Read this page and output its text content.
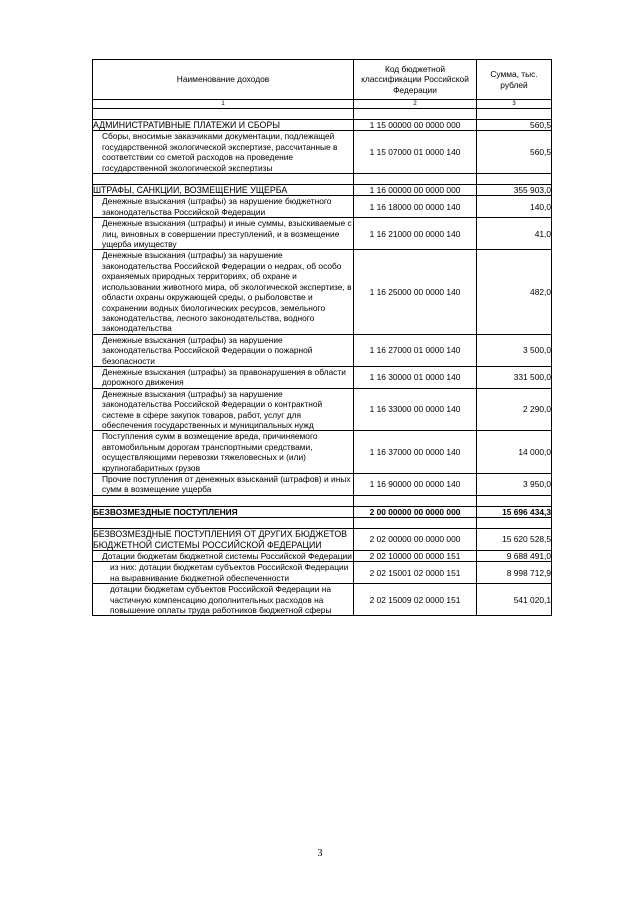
Наименование доходов	Код бюджетной классификации Российской Федерации	Сумма, тыс. рублей
1	2	3

АДМИНИСТРАТИВНЫЕ ПЛАТЕЖИ И СБОРЫ	1 15 00000 00 0000 000	560,5
Сборы, вносимые заказчиками документации, подлежащей государственной экологической экспертизе, рассчитанные в соответствии со сметой расходов на проведение государственной экологической экспертизы	1 15 07000 01 0000 140	560,5

ШТРАФЫ, САНКЦИИ, ВОЗМЕЩЕНИЕ УЩЕРБА	1 16 00000 00 0000 000	355 903,0
Денежные взыскания (штрафы) за нарушение бюджетного законодательства Российской Федерации	1 16 18000 00 0000 140	140,0
Денежные взыскания (штрафы) и иные суммы, взыскиваемые с лиц, виновных в совершении преступлений, и в возмещение ущерба имуществу	1 16 21000 00 0000 140	41,0
Денежные взыскания (штрафы) за нарушение законодательства Российской Федерации о недрах, об особо охраняемых природных территориях, об охране и использовании животного мира, об экологической экспертизе, в области охраны окружающей среды, о рыболовстве и сохранении водных биологических ресурсов, земельного законодательства, лесного законодательства, водного законодательства	1 16 25000 00 0000 140	482,0
Денежные взыскания (штрафы) за нарушение законодательства Российской Федерации о пожарной безопасности	1 16 27000 01 0000 140	3 500,0
Денежные взыскания (штрафы) за правонарушения в области дорожного движения	1 16 30000 01 0000 140	331 500,0
Денежные взыскания (штрафы) за нарушение законодательства Российской Федерации о контрактной системе в сфере закупок товаров, работ, услуг для обеспечения государственных и муниципальных нужд	1 16 33000 00 0000 140	2 290,0
Поступления сумм в возмещение вреда, причиняемого автомобильным дорогам транспортными средствами, осуществляющими перевозки тяжеловесных и (или) крупногабаритных грузов	1 16 37000 00 0000 140	14 000,0
Прочие поступления от денежных взысканий (штрафов) и иных сумм в возмещение ущерба	1 16 90000 00 0000 140	3 950,0

БЕЗВОЗМЕЗДНЫЕ ПОСТУПЛЕНИЯ	2 00 00000 00 0000 000	15 696 434,3

БЕЗВОЗМЕЗДНЫЕ ПОСТУПЛЕНИЯ ОТ ДРУГИХ БЮДЖЕТОВ БЮДЖЕТНОЙ СИСТЕМЫ РОССИЙСКОЙ ФЕДЕРАЦИИ	2 02 00000 00 0000 000	15 620 528,5
Дотации бюджетам бюджетной системы Российской Федерации	2 02 10000 00 0000 151	9 688 491,0
из них: дотации бюджетам субъектов Российской Федерации на выравнивание бюджетной обеспеченности	2 02 15001 02 0000 151	8 998 712,9
дотации бюджетам субъектов Российской Федерации на частичную компенсацию дополнительных расходов на повышение оплаты труда работников бюджетной сферы	2 02 15009 02 0000 151	541 020,1
3
